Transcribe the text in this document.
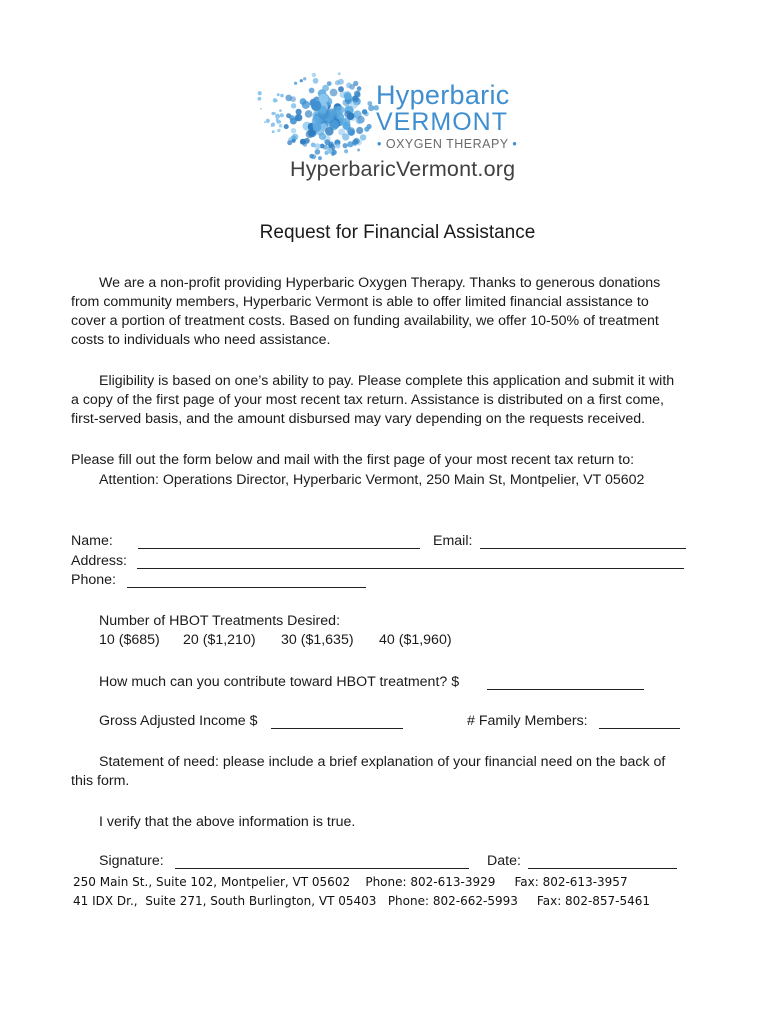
Hyperbaric
VERMONT
• OXYGEN THERAPY •
HyperbaricVermont.org
Request for Financial Assistance
We are a non-profit providing Hyperbaric Oxygen Therapy. Thanks to generous donations
from community members, Hyperbaric Vermont is able to offer limited financial assistance to
cover a portion of treatment costs. Based on funding availability, we offer 10-50% of treatment
costs to individuals who need assistance.
Eligibility is based on one’s ability to pay. Please complete this application and submit it with
a copy of the first page of your most recent tax return. Assistance is distributed on a first come,
first-served basis, and the amount disbursed may vary depending on the requests received.
Please fill out the form below and mail with the first page of your most recent tax return to:
Attention: Operations Director, Hyperbaric Vermont, 250 Main St, Montpelier, VT 05602
Name:	Email:
Address:
Phone:
Number of HBOT Treatments Desired:
10 ($685) 20 ($1,210) 30 ($1,635) 40 ($1,960)
How much can you contribute toward HBOT treatment? $
Gross Adjusted Income $	# Family Members:
Statement of need: please include a brief explanation of your financial need on the back of
this form.
I verify that the above information is true.
Signature:	Date:
250 Main St., Suite 102, Montpelier, VT 05602    Phone: 802-613-3929     Fax: 802-613-3957
41 IDX Dr.,  Suite 271, South Burlington, VT 05403   Phone: 802-662-5993     Fax: 802-857-5461
